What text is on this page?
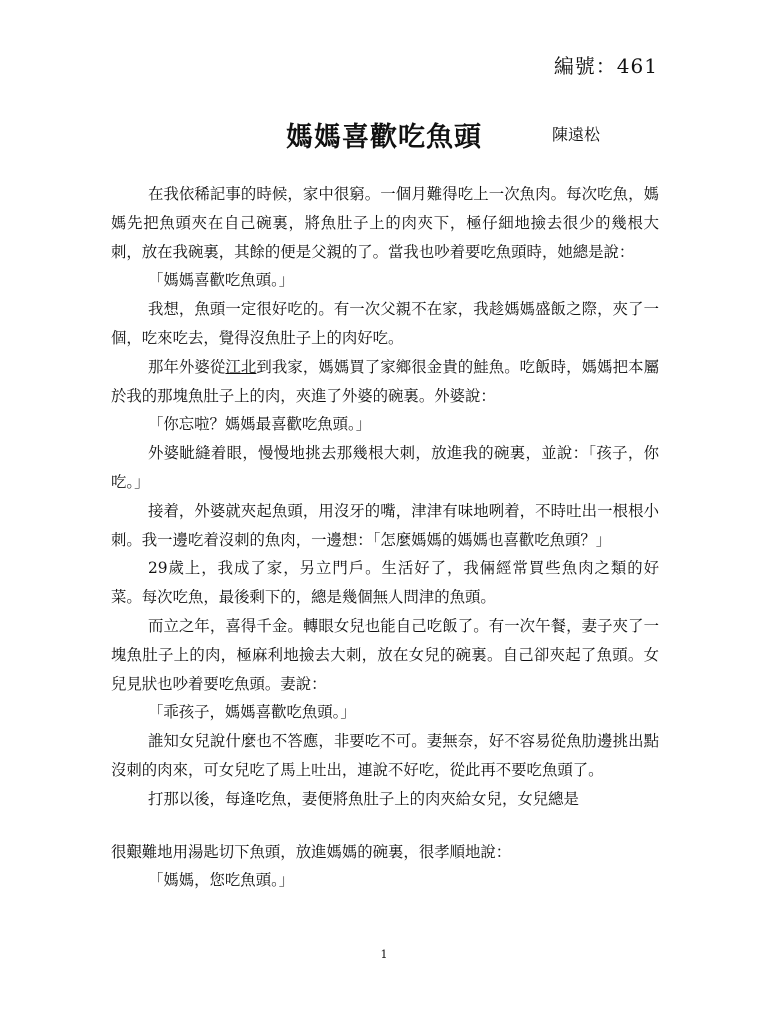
編號：461
媽媽喜歡吃魚頭	陳遠松

在我依稀記事的時候，家中很窮。一個月難得吃上一次魚肉。每次吃魚，媽媽先把魚頭夾在自己碗裏，將魚肚子上的肉夾下，極仔細地撿去很少的幾根大刺，放在我碗裏，其餘的便是父親的了。當我也吵着要吃魚頭時，她總是說：

「媽媽喜歡吃魚頭。」

我想，魚頭一定很好吃的。有一次父親不在家，我趁媽媽盛飯之際，夾了一個，吃來吃去，覺得沒魚肚子上的肉好吃。

那年外婆從江北到我家，媽媽買了家鄉很金貴的鮭魚。吃飯時，媽媽把本屬於我的那塊魚肚子上的肉，夾進了外婆的碗裏。外婆說：

「你忘啦？媽媽最喜歡吃魚頭。」

外婆眦縫着眼，慢慢地挑去那幾根大刺，放進我的碗裏，並說：「孩子，你吃。」

接着，外婆就夾起魚頭，用沒牙的嘴，津津有味地咧着，不時吐出一根根小刺。我一邊吃着沒刺的魚肉，一邊想：「怎麼媽媽的媽媽也喜歡吃魚頭？」

29歲上，我成了家，另立門戶。生活好了，我倆經常買些魚肉之類的好菜。每次吃魚，最後剩下的，總是幾個無人問津的魚頭。

而立之年，喜得千金。轉眼女兒也能自己吃飯了。有一次午餐，妻子夾了一塊魚肚子上的肉，極麻利地撿去大刺，放在女兒的碗裏。自己卻夾起了魚頭。女兒見狀也吵着要吃魚頭。妻說：

「乖孩子，媽媽喜歡吃魚頭。」

誰知女兒說什麼也不答應，非要吃不可。妻無奈，好不容易從魚肋邊挑出點沒刺的肉來，可女兒吃了馬上吐出，連說不好吃，從此再不要吃魚頭了。

打那以後，每逢吃魚，妻便將魚肚子上的肉夾給女兒，女兒總是

很艱難地用湯匙切下魚頭，放進媽媽的碗裏，很孝順地說：

「媽媽，您吃魚頭。」

1
